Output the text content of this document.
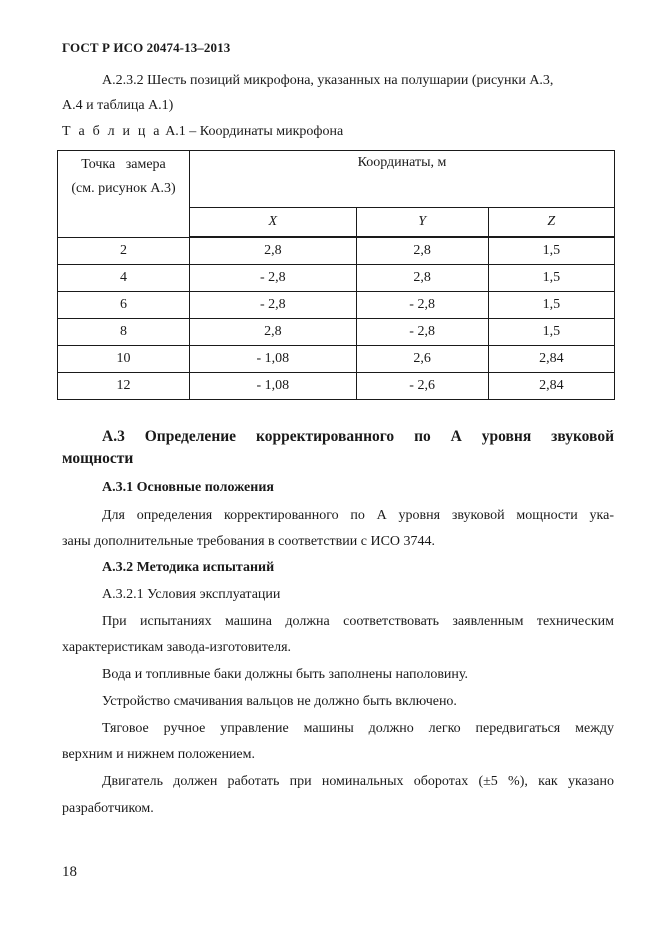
ГОСТ Р ИСО 20474-13–2013
А.2.3.2 Шесть позиций микрофона, указанных на полушарии (рисунки А.3,
А.4 и таблица А.1)
Т а б л и ц а А.1 – Координаты микрофона
Точка   замера
(см. рисунок А.3)	Координаты, м		
	X	Y	Z
2	2,8	2,8	1,5
4	- 2,8	2,8	1,5
6	- 2,8	- 2,8	1,5
8	2,8	- 2,8	1,5
10	- 1,08	2,6	2,84
12	- 1,08	- 2,6	2,84
А.3 Определение корректированного по А уровня звуковой
мощности
А.3.1 Основные положения
Для определения корректированного по А уровня звуковой мощности ука-
заны дополнительные требования в соответствии с ИСО 3744.
А.3.2 Методика испытаний
А.3.2.1 Условия эксплуатации
При испытаниях машина должна соответствовать заявленным техническим
характеристикам завода-изготовителя.
Вода и топливные баки должны быть заполнены наполовину.
Устройство смачивания вальцов не должно быть включено.
Тяговое ручное управление машины должно легко передвигаться между
верхним и нижнем положением.
Двигатель должен работать при номинальных оборотах (±5 %), как указано
разработчиком.
18
